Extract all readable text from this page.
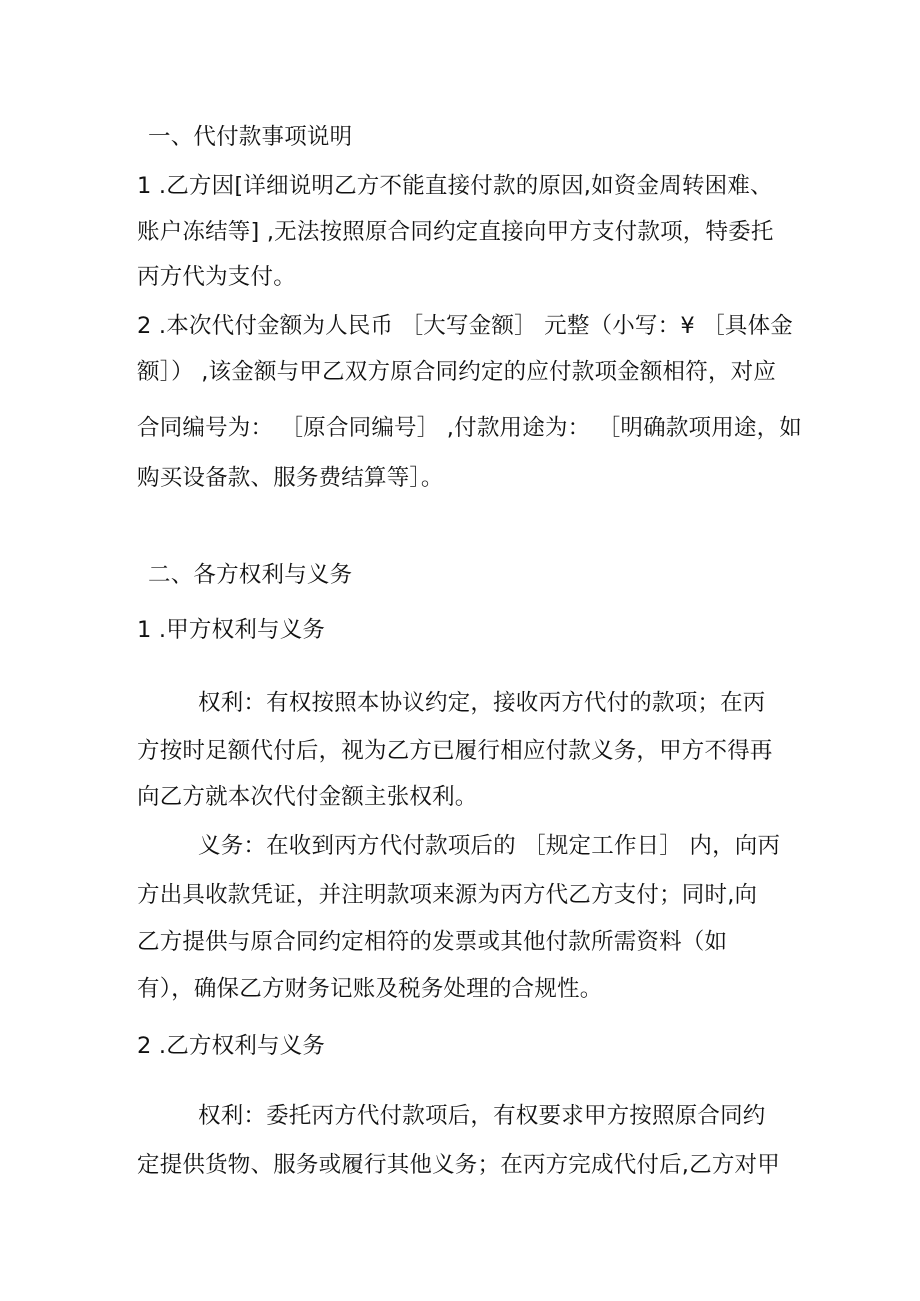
一、代付款事项说明
1 .乙方因[详细说明乙方不能直接付款的原因,如资金周转困难、
账户冻结等] ,无法按照原合同约定直接向甲方支付款项，特委托
丙方代为支付。
2 .本次代付金额为人民币 ［大写金额］ 元整（小写：¥ ［具体金
额］） ,该金额与甲乙双方原合同约定的应付款项金额相符，对应
合同编号为： ［原合同编号］ ,付款用途为： ［明确款项用途，如
购买设备款、服务费结算等］。
二、各方权利与义务
1 .甲方权利与义务
权利：有权按照本协议约定，接收丙方代付的款项；在丙
方按时足额代付后，视为乙方已履行相应付款义务，甲方不得再
向乙方就本次代付金额主张权利。
义务：在收到丙方代付款项后的 ［规定工作日］ 内，向丙
方出具收款凭证，并注明款项来源为丙方代乙方支付；同时,向
乙方提供与原合同约定相符的发票或其他付款所需资料（如
有），确保乙方财务记账及税务处理的合规性。
2 .乙方权利与义务
权利：委托丙方代付款项后，有权要求甲方按照原合同约
定提供货物、服务或履行其他义务；在丙方完成代付后,乙方对甲
